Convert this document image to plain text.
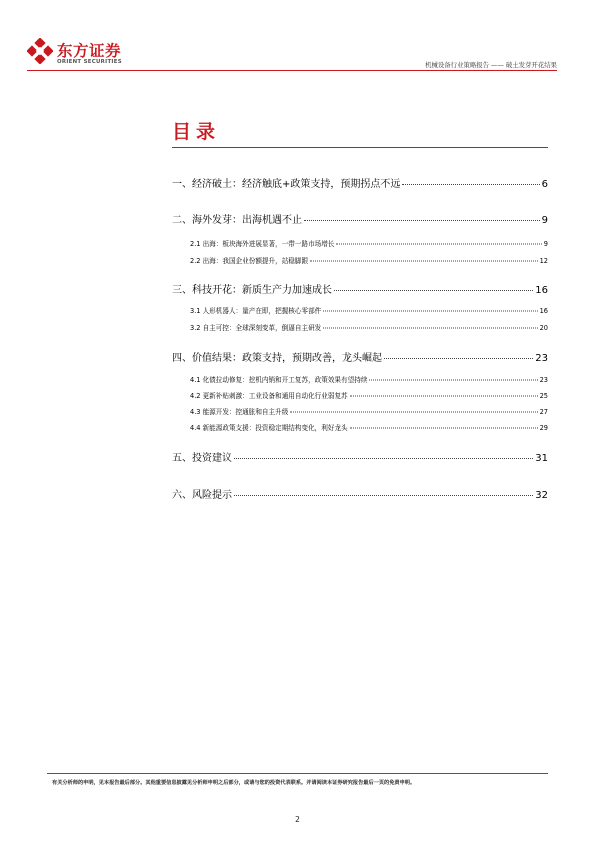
东方证券
ORIENT SECURITIES	机械设备行业策略报告 —— 破土发芽开花结果
目录
一、经济破土：经济触底+政策支持，预期拐点不远	6
二、海外发芽：出海机遇不止	9
2.1 出海：板块海外进展显著，一带一路市场增长	9
2.2 出海：我国企业份额提升，站稳脚跟	12
三、科技开花：新质生产力加速成长	16
3.1 人形机器人：量产在即，把握核心零部件	16
3.2 自主可控：全球深刻变革，倒逼自主研发	20
四、价值结果：政策支持，预期改善，龙头崛起	23
4.1 化债拉动修复：挖机内销和开工复苏，政策效果有望持续	23
4.2 更新补贴刺激：工业设备和通用自动化行业弱复苏	25
4.3 能源开发：控通胀和自主升级	27
4.4 新能源政策支援：投资稳定期结构变化，利好龙头	29
五、投资建议	31
六、风险提示	32
有关分析师的申明，见本报告最后部分。其他重要信息披露见分析师申明之后部分，或请与您的投资代表联系。并请阅读本证券研究报告最后一页的免责申明。
2
